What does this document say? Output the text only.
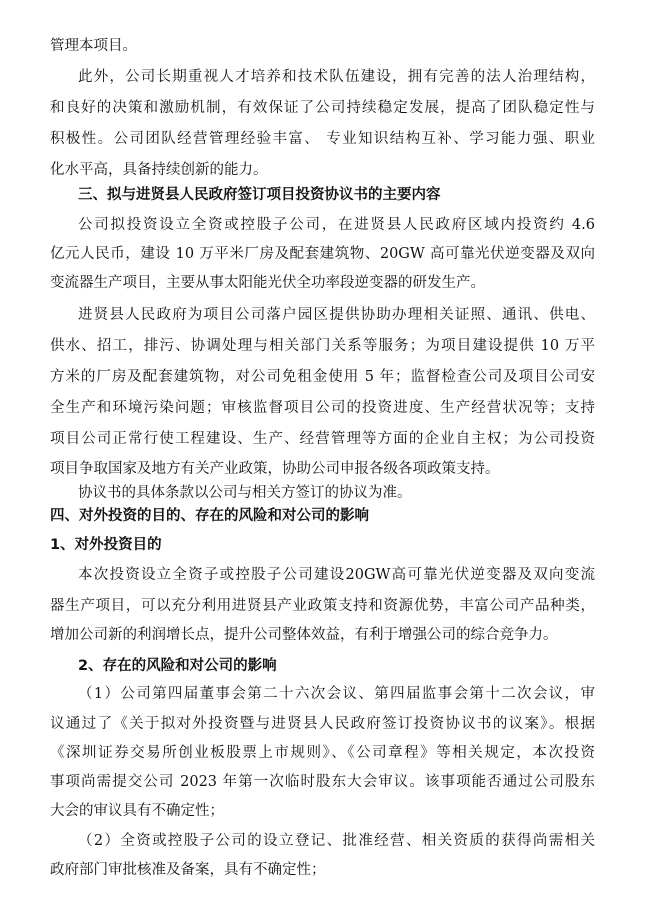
管理本项目。
此外，公司长期重视人才培养和技术队伍建设，拥有完善的法人治理结构，
和良好的决策和激励机制，有效保证了公司持续稳定发展，提高了团队稳定性与
积极性。公司团队经营管理经验丰富、 专业知识结构互补、学习能力强、职业
化水平高，具备持续创新的能力。
三、拟与进贤县人民政府签订项目投资协议书的主要内容
公司拟投资设立全资或控股子公司，在进贤县人民政府区域内投资约 4.6
亿元人民币，建设 10 万平米厂房及配套建筑物、20GW 高可靠光伏逆变器及双向
变流器生产项目，主要从事太阳能光伏全功率段逆变器的研发生产。
进贤县人民政府为项目公司落户园区提供协助办理相关证照、通讯、供电、
供水、招工，排污、协调处理与相关部门关系等服务；为项目建设提供 10 万平
方米的厂房及配套建筑物，对公司免租金使用 5 年；监督检查公司及项目公司安
全生产和环境污染问题；审核监督项目公司的投资进度、生产经营状况等；支持
项目公司正常行使工程建设、生产、经营管理等方面的企业自主权；为公司投资
项目争取国家及地方有关产业政策，协助公司申报各级各项政策支持。
协议书的具体条款以公司与相关方签订的协议为准。
四、对外投资的目的、存在的风险和对公司的影响
1、对外投资目的
本次投资设立全资子或控股子公司建设20GW高可靠光伏逆变器及双向变流
器生产项目，可以充分利用进贤县产业政策支持和资源优势，丰富公司产品种类，
增加公司新的利润增长点，提升公司整体效益，有利于增强公司的综合竞争力。
2、存在的风险和对公司的影响
（1）公司第四届董事会第二十六次会议、第四届监事会第十二次会议，审
议通过了《关于拟对外投资暨与进贤县人民政府签订投资协议书的议案》。根据
《深圳证券交易所创业板股票上市规则》、《公司章程》等相关规定，本次投资
事项尚需提交公司 2023 年第一次临时股东大会审议。该事项能否通过公司股东
大会的审议具有不确定性；
（2）全资或控股子公司的设立登记、批准经营、相关资质的获得尚需相关
政府部门审批核准及备案，具有不确定性；
